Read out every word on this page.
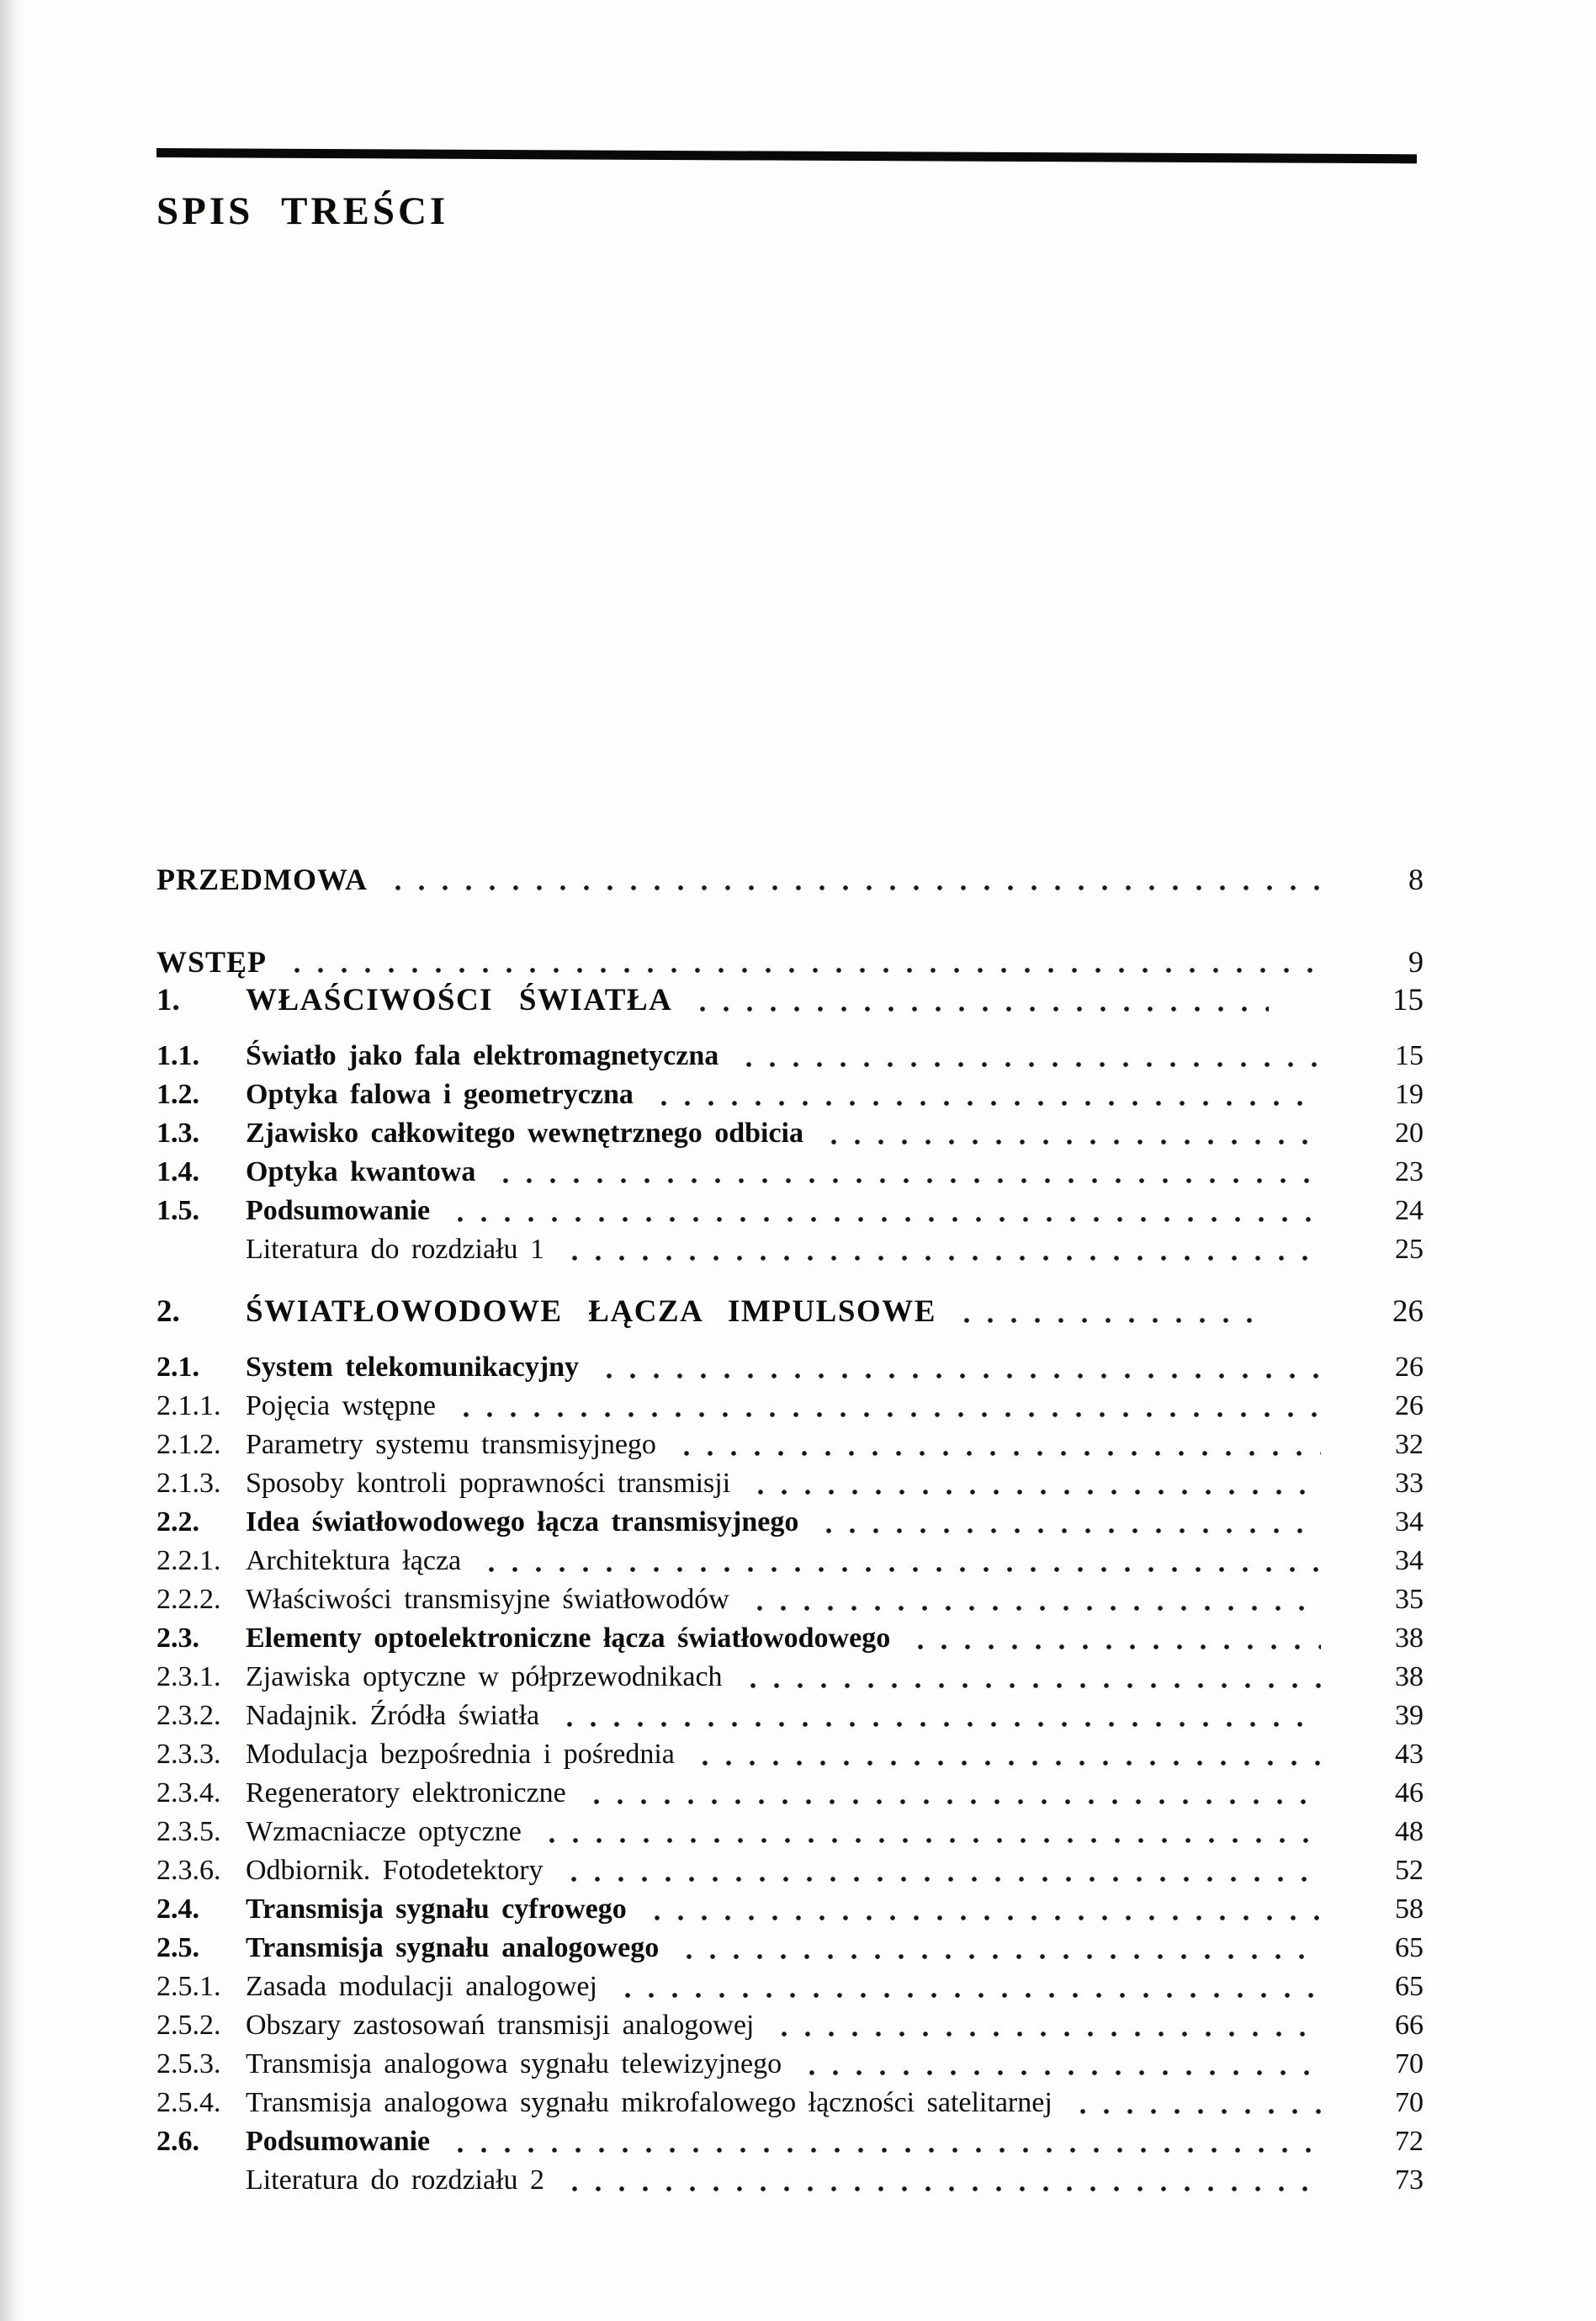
SPIS TREŚCI
PRZEDMOWA	8
WSTĘP	9
1.	WŁAŚCIWOŚCI ŚWIATŁA	15
1.1.	Światło jako fala elektromagnetyczna	15
1.2.	Optyka falowa i geometryczna	19
1.3.	Zjawisko całkowitego wewnętrznego odbicia	20
1.4.	Optyka kwantowa	23
1.5.	Podsumowanie	24
Literatura do rozdziału 1	25
2.	ŚWIATŁOWODOWE ŁĄCZA IMPULSOWE	26
2.1.	System telekomunikacyjny	26
2.1.1. Pojęcia wstępne	26
2.1.2. Parametry systemu transmisyjnego	32
2.1.3. Sposoby kontroli poprawności transmisji	33
2.2.	Idea światłowodowego łącza transmisyjnego	34
2.2.1. Architektura łącza	34
2.2.2. Właściwości transmisyjne światłowodów	35
2.3.	Elementy optoelektroniczne łącza światłowodowego	38
2.3.1. Zjawiska optyczne w półprzewodnikach	38
2.3.2. Nadajnik. Źródła światła	39
2.3.3. Modulacja bezpośrednia i pośrednia	43
2.3.4. Regeneratory elektroniczne	46
2.3.5. Wzmacniacze optyczne	48
2.3.6. Odbiornik. Fotodetektory	52
2.4.	Transmisja sygnału cyfrowego	58
2.5.	Transmisja sygnału analogowego	65
2.5.1. Zasada modulacji analogowej	65
2.5.2. Obszary zastosowań transmisji analogowej	66
2.5.3. Transmisja analogowa sygnału telewizyjnego	70
2.5.4. Transmisja analogowa sygnału mikrofalowego łączności satelitarnej	70
2.6.	Podsumowanie	72
Literatura do rozdziału 2	73
